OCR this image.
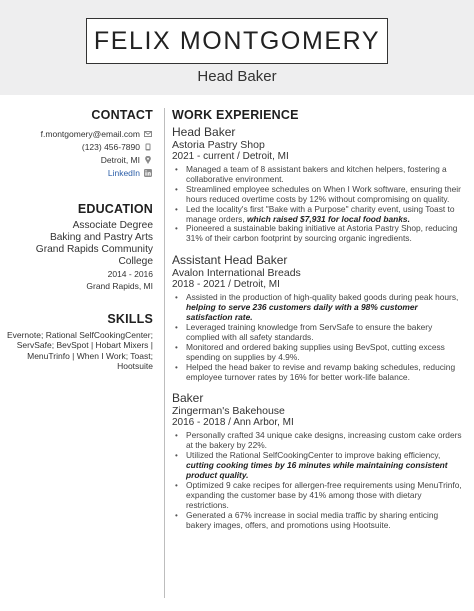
FELIX MONTGOMERY
Head Baker
CONTACT
f.montgomery@email.com
(123) 456-7890
Detroit, MI
LinkedIn
EDUCATION
Associate Degree
Baking and Pastry Arts
Grand Rapids Community
College
2014 - 2016
Grand Rapids, MI
SKILLS
Evernote; Rational SelfCookingCenter; ServSafe; BevSpot | Hobart Mixers | MenuTrinfo | When I Work; Toast; Hootsuite
WORK EXPERIENCE
Head Baker
Astoria Pastry Shop
2021 - current / Detroit, MI
• Managed a team of 8 assistant bakers and kitchen helpers, fostering a collaborative environment.
• Streamlined employee schedules on When I Work software, ensuring their hours reduced overtime costs by 12% without compromising on quality.
• Led the locality's first "Bake with a Purpose" charity event, using Toast to manage orders, which raised $7,931 for local food banks.
• Pioneered a sustainable baking initiative at Astoria Pastry Shop, reducing 31% of their carbon footprint by sourcing organic ingredients.
Assistant Head Baker
Avalon International Breads
2018 - 2021 / Detroit, MI
• Assisted in the production of high-quality baked goods during peak hours, helping to serve 236 customers daily with a 98% customer satisfaction rate.
• Leveraged training knowledge from ServSafe to ensure the bakery complied with all safety standards.
• Monitored and ordered baking supplies using BevSpot, cutting excess spending on supplies by 4.9%.
• Helped the head baker to revise and revamp baking schedules, reducing employee turnover rates by 16% for better work-life balance.
Baker
Zingerman's Bakehouse
2016 - 2018 / Ann Arbor, MI
• Personally crafted 34 unique cake designs, increasing custom cake orders at the bakery by 22%.
• Utilized the Rational SelfCookingCenter to improve baking efficiency, cutting cooking times by 16 minutes while maintaining consistent product quality.
• Optimized 9 cake recipes for allergen-free requirements using MenuTrinfo, expanding the customer base by 41% among those with dietary restrictions.
• Generated a 67% increase in social media traffic by sharing enticing bakery images, offers, and promotions using Hootsuite.
